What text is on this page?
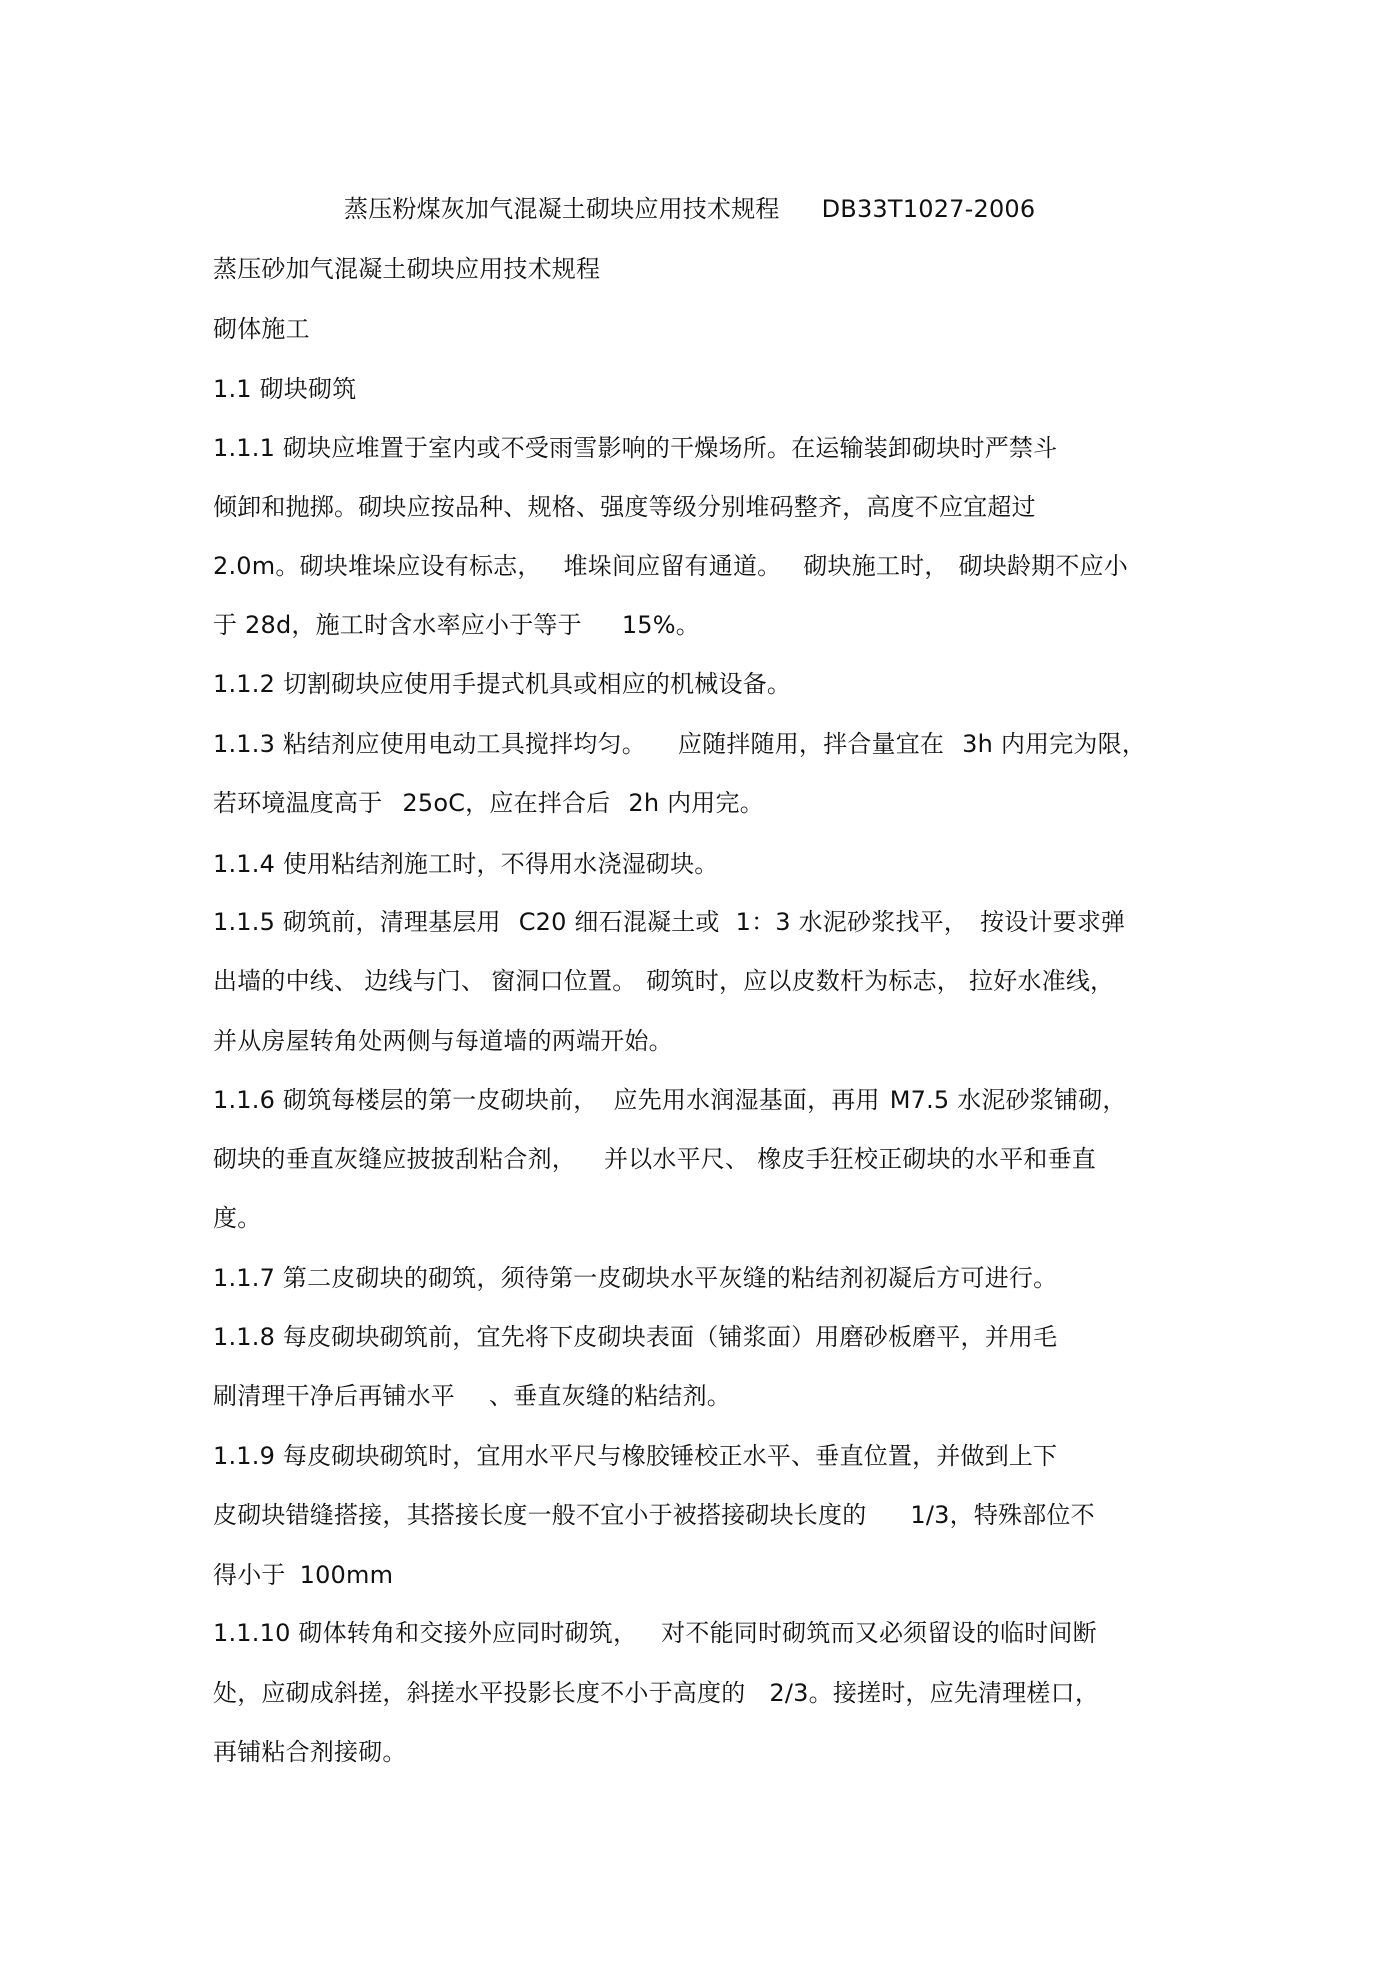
蒸压粉煤灰加气混凝土砌块应用技术规程 DB33T1027-2006
蒸压砂加气混凝土砌块应用技术规程
砌体施工
1.1 砌块砌筑
1.1.1 砌块应堆置于室内或不受雨雪影响的干燥场所。在运输装卸砌块时严禁斗
倾卸和抛掷。砌块应按品种、规格、强度等级分别堆码整齐，高度不应宜超过
2.0m。砌块堆垛应设有标志， 堆垛间应留有通道。 砌块施工时， 砌块龄期不应小
于 28d，施工时含水率应小于等于 15%。
1.1.2 切割砌块应使用手提式机具或相应的机械设备。
1.1.3 粘结剂应使用电动工具搅拌均匀。 应随拌随用，拌合量宜在 3h 内用完为限，
若环境温度高于 25oC，应在拌合后 2h 内用完。
1.1.4 使用粘结剂施工时，不得用水浇湿砌块。
1.1.5 砌筑前，清理基层用 C20 细石混凝土或 1：3 水泥砂浆找平， 按设计要求弹
出墙的中线、 边线与门、 窗洞口位置。 砌筑时，应以皮数杆为标志， 拉好水准线，
并从房屋转角处两侧与每道墙的两端开始。
1.1.6 砌筑每楼层的第一皮砌块前， 应先用水润湿基面，再用 M7.5 水泥砂浆铺砌，
砌块的垂直灰缝应披披刮粘合剂， 并以水平尺、 橡皮手狂校正砌块的水平和垂直
度。
1.1.7 第二皮砌块的砌筑，须待第一皮砌块水平灰缝的粘结剂初凝后方可进行。
1.1.8 每皮砌块砌筑前，宜先将下皮砌块表面（铺浆面）用磨砂板磨平，并用毛
刷清理干净后再铺水平 、垂直灰缝的粘结剂。
1.1.9 每皮砌块砌筑时，宜用水平尺与橡胶锤校正水平、垂直位置，并做到上下
皮砌块错缝搭接，其搭接长度一般不宜小于被搭接砌块长度的 1/3，特殊部位不
得小于 100mm
1.1.10 砌体转角和交接外应同时砌筑， 对不能同时砌筑而又必须留设的临时间断
处，应砌成斜搓，斜搓水平投影长度不小于高度的 2/3。接搓时，应先清理槎口，
再铺粘合剂接砌。
